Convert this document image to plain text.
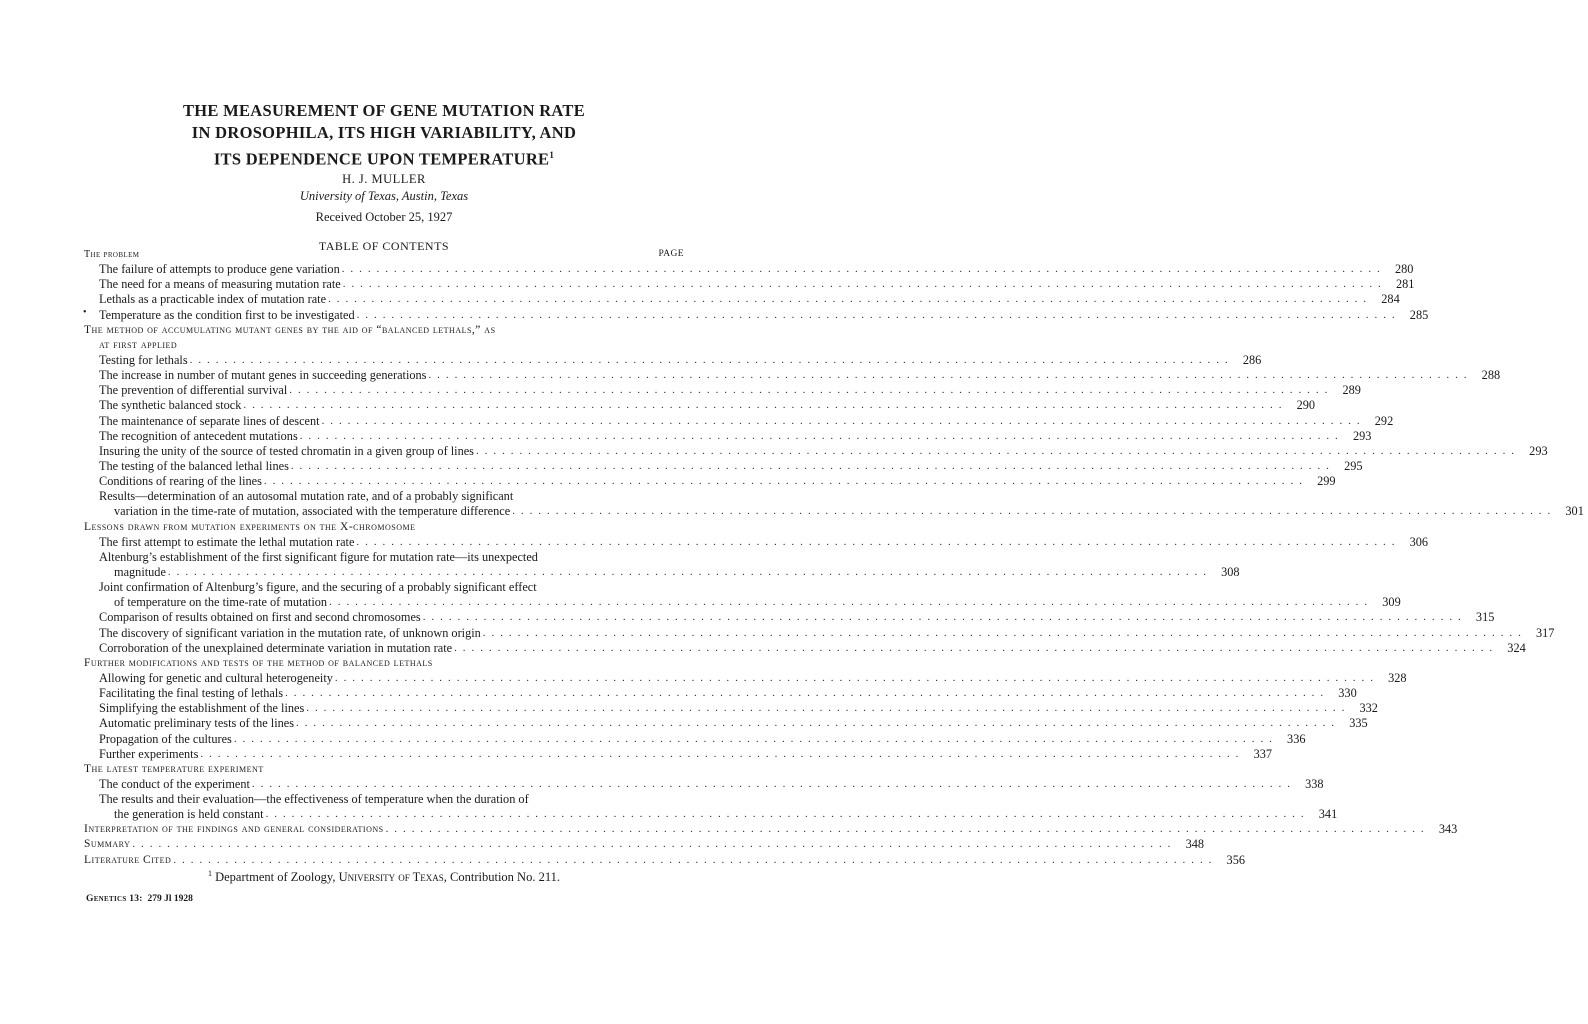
THE MEASUREMENT OF GENE MUTATION RATE
IN DROSOPHILA, ITS HIGH VARIABILITY, AND
ITS DEPENDENCE UPON TEMPERATURE$^1$
H. J. MULLER
University of Texas, Austin, Texas
Received October 25, 1927
TABLE OF CONTENTS
•
The problem	PAGE
The failure of attempts to produce gene variation . . . . . . . . . . . . . . . . . . . . . . . . . . . . . . . . . . . . . . . . . . . . . . . . . . . . . . . . . . . . . . . . . . . . . . . . . . . . . . . . . . . . . . . . . . . . . . . . . . . . . . . . . . . . . . . . . . . . . . . .	280
The need for a means of measuring mutation rate . . . . . . . . . . . . . . . . . . . . . . . . . . . . . . . . . . . . . . . . . . . . . . . . . . . . . . . . . . . . . . . . . . . . . . . . . . . . . . . . . . . . . . . . . . . . . . . . . . . . . . . . . . . . . . . . . . . . . . . .	281
Lethals as a practicable index of mutation rate . . . . . . . . . . . . . . . . . . . . . . . . . . . . . . . . . . . . . . . . . . . . . . . . . . . . . . . . . . . . . . . . . . . . . . . . . . . . . . . . . . . . . . . . . . . . . . . . . . . . . . . . . . . . . . . . . . . . . . . .	284
Temperature as the condition first to be investigated . . . . . . . . . . . . . . . . . . . . . . . . . . . . . . . . . . . . . . . . . . . . . . . . . . . . . . . . . . . . . . . . . . . . . . . . . . . . . . . . . . . . . . . . . . . . . . . . . . . . . . . . . . . . . . . . . . . . . . . .	285
The method of accumulating mutant genes by the aid of “balanced lethals,” as
at first applied
Testing for lethals . . . . . . . . . . . . . . . . . . . . . . . . . . . . . . . . . . . . . . . . . . . . . . . . . . . . . . . . . . . . . . . . . . . . . . . . . . . . . . . . . . . . . . . . . . . . . . . . . . . . . . . . . . . . . . . . . . . . . . . .	286
The increase in number of mutant genes in succeeding generations . . . . . . . . . . . . . . . . . . . . . . . . . . . . . . . . . . . . . . . . . . . . . . . . . . . . . . . . . . . . . . . . . . . . . . . . . . . . . . . . . . . . . . . . . . . . . . . . . . . . . . . . . . . . . . . . . . . . . . . .	288
The prevention of differential survival . . . . . . . . . . . . . . . . . . . . . . . . . . . . . . . . . . . . . . . . . . . . . . . . . . . . . . . . . . . . . . . . . . . . . . . . . . . . . . . . . . . . . . . . . . . . . . . . . . . . . . . . . . . . . . . . . . . . . . . .	289
The synthetic balanced stock . . . . . . . . . . . . . . . . . . . . . . . . . . . . . . . . . . . . . . . . . . . . . . . . . . . . . . . . . . . . . . . . . . . . . . . . . . . . . . . . . . . . . . . . . . . . . . . . . . . . . . . . . . . . . . . . . . . . . . . .	290
The maintenance of separate lines of descent . . . . . . . . . . . . . . . . . . . . . . . . . . . . . . . . . . . . . . . . . . . . . . . . . . . . . . . . . . . . . . . . . . . . . . . . . . . . . . . . . . . . . . . . . . . . . . . . . . . . . . . . . . . . . . . . . . . . . . . .	292
The recognition of antecedent mutations . . . . . . . . . . . . . . . . . . . . . . . . . . . . . . . . . . . . . . . . . . . . . . . . . . . . . . . . . . . . . . . . . . . . . . . . . . . . . . . . . . . . . . . . . . . . . . . . . . . . . . . . . . . . . . . . . . . . . . . .	293
Insuring the unity of the source of tested chromatin in a given group of lines . . . . . . . . . . . . . . . . . . . . . . . . . . . . . . . . . . . . . . . . . . . . . . . . . . . . . . . . . . . . . . . . . . . . . . . . . . . . . . . . . . . . . . . . . . . . . . . . . . . . . . . . . . . . . . . . . . . . . . . .	293
The testing of the balanced lethal lines . . . . . . . . . . . . . . . . . . . . . . . . . . . . . . . . . . . . . . . . . . . . . . . . . . . . . . . . . . . . . . . . . . . . . . . . . . . . . . . . . . . . . . . . . . . . . . . . . . . . . . . . . . . . . . . . . . . . . . . .	295
Conditions of rearing of the lines . . . . . . . . . . . . . . . . . . . . . . . . . . . . . . . . . . . . . . . . . . . . . . . . . . . . . . . . . . . . . . . . . . . . . . . . . . . . . . . . . . . . . . . . . . . . . . . . . . . . . . . . . . . . . . . . . . . . . . . .	299
Results—determination of an autosomal mutation rate, and of a probably significant
variation in the time-rate of mutation, associated with the temperature difference . . . . . . . . . . . . . . . . . . . . . . . . . . . . . . . . . . . . . . . . . . . . . . . . . . . . . . . . . . . . . . . . . . . . . . . . . . . . . . . . . . . . . . . . . . . . . . . . . . . . . . . . . . . . . . . . . . . . . . . .	301
Lessons drawn from mutation experiments on the X-chromosome
The first attempt to estimate the lethal mutation rate . . . . . . . . . . . . . . . . . . . . . . . . . . . . . . . . . . . . . . . . . . . . . . . . . . . . . . . . . . . . . . . . . . . . . . . . . . . . . . . . . . . . . . . . . . . . . . . . . . . . . . . . . . . . . . . . . . . . . . . .	306
Altenburg’s establishment of the first significant figure for mutation rate—its unexpected
magnitude . . . . . . . . . . . . . . . . . . . . . . . . . . . . . . . . . . . . . . . . . . . . . . . . . . . . . . . . . . . . . . . . . . . . . . . . . . . . . . . . . . . . . . . . . . . . . . . . . . . . . . . . . . . . . . . . . . . . . . . .	308
Joint confirmation of Altenburg’s figure, and the securing of a probably significant effect
of temperature on the time-rate of mutation . . . . . . . . . . . . . . . . . . . . . . . . . . . . . . . . . . . . . . . . . . . . . . . . . . . . . . . . . . . . . . . . . . . . . . . . . . . . . . . . . . . . . . . . . . . . . . . . . . . . . . . . . . . . . . . . . . . . . . . .	309
Comparison of results obtained on first and second chromosomes . . . . . . . . . . . . . . . . . . . . . . . . . . . . . . . . . . . . . . . . . . . . . . . . . . . . . . . . . . . . . . . . . . . . . . . . . . . . . . . . . . . . . . . . . . . . . . . . . . . . . . . . . . . . . . . . . . . . . . . .	315
The discovery of significant variation in the mutation rate, of unknown origin . . . . . . . . . . . . . . . . . . . . . . . . . . . . . . . . . . . . . . . . . . . . . . . . . . . . . . . . . . . . . . . . . . . . . . . . . . . . . . . . . . . . . . . . . . . . . . . . . . . . . . . . . . . . . . . . . . . . . . . .	317
Corroboration of the unexplained determinate variation in mutation rate . . . . . . . . . . . . . . . . . . . . . . . . . . . . . . . . . . . . . . . . . . . . . . . . . . . . . . . . . . . . . . . . . . . . . . . . . . . . . . . . . . . . . . . . . . . . . . . . . . . . . . . . . . . . . . . . . . . . . . . .	324
Further modifications and tests of the method of balanced lethals
Allowing for genetic and cultural heterogeneity . . . . . . . . . . . . . . . . . . . . . . . . . . . . . . . . . . . . . . . . . . . . . . . . . . . . . . . . . . . . . . . . . . . . . . . . . . . . . . . . . . . . . . . . . . . . . . . . . . . . . . . . . . . . . . . . . . . . . . . .	328
Facilitating the final testing of lethals . . . . . . . . . . . . . . . . . . . . . . . . . . . . . . . . . . . . . . . . . . . . . . . . . . . . . . . . . . . . . . . . . . . . . . . . . . . . . . . . . . . . . . . . . . . . . . . . . . . . . . . . . . . . . . . . . . . . . . . .	330
Simplifying the establishment of the lines . . . . . . . . . . . . . . . . . . . . . . . . . . . . . . . . . . . . . . . . . . . . . . . . . . . . . . . . . . . . . . . . . . . . . . . . . . . . . . . . . . . . . . . . . . . . . . . . . . . . . . . . . . . . . . . . . . . . . . . .	332
Automatic preliminary tests of the lines . . . . . . . . . . . . . . . . . . . . . . . . . . . . . . . . . . . . . . . . . . . . . . . . . . . . . . . . . . . . . . . . . . . . . . . . . . . . . . . . . . . . . . . . . . . . . . . . . . . . . . . . . . . . . . . . . . . . . . . .	335
Propagation of the cultures . . . . . . . . . . . . . . . . . . . . . . . . . . . . . . . . . . . . . . . . . . . . . . . . . . . . . . . . . . . . . . . . . . . . . . . . . . . . . . . . . . . . . . . . . . . . . . . . . . . . . . . . . . . . . . . . . . . . . . . .	336
Further experiments . . . . . . . . . . . . . . . . . . . . . . . . . . . . . . . . . . . . . . . . . . . . . . . . . . . . . . . . . . . . . . . . . . . . . . . . . . . . . . . . . . . . . . . . . . . . . . . . . . . . . . . . . . . . . . . . . . . . . . . .	337
The latest temperature experiment
The conduct of the experiment . . . . . . . . . . . . . . . . . . . . . . . . . . . . . . . . . . . . . . . . . . . . . . . . . . . . . . . . . . . . . . . . . . . . . . . . . . . . . . . . . . . . . . . . . . . . . . . . . . . . . . . . . . . . . . . . . . . . . . . .	338
The results and their evaluation—the effectiveness of temperature when the duration of
the generation is held constant . . . . . . . . . . . . . . . . . . . . . . . . . . . . . . . . . . . . . . . . . . . . . . . . . . . . . . . . . . . . . . . . . . . . . . . . . . . . . . . . . . . . . . . . . . . . . . . . . . . . . . . . . . . . . . . . . . . . . . . .	341
Interpretation of the findings and general considerations . . . . . . . . . . . . . . . . . . . . . . . . . . . . . . . . . . . . . . . . . . . . . . . . . . . . . . . . . . . . . . . . . . . . . . . . . . . . . . . . . . . . . . . . . . . . . . . . . . . . . . . . . . . . . . . . . . . . . . . .	343
Summary . . . . . . . . . . . . . . . . . . . . . . . . . . . . . . . . . . . . . . . . . . . . . . . . . . . . . . . . . . . . . . . . . . . . . . . . . . . . . . . . . . . . . . . . . . . . . . . . . . . . . . . . . . . . . . . . . . . . . . . .	348
Literature Cited . . . . . . . . . . . . . . . . . . . . . . . . . . . . . . . . . . . . . . . . . . . . . . . . . . . . . . . . . . . . . . . . . . . . . . . . . . . . . . . . . . . . . . . . . . . . . . . . . . . . . . . . . . . . . . . . . . . . . . . .	356
$^1$ Department of Zoology, University of Texas, Contribution No. 211.
Genetics 13: 279 Jl 1928
